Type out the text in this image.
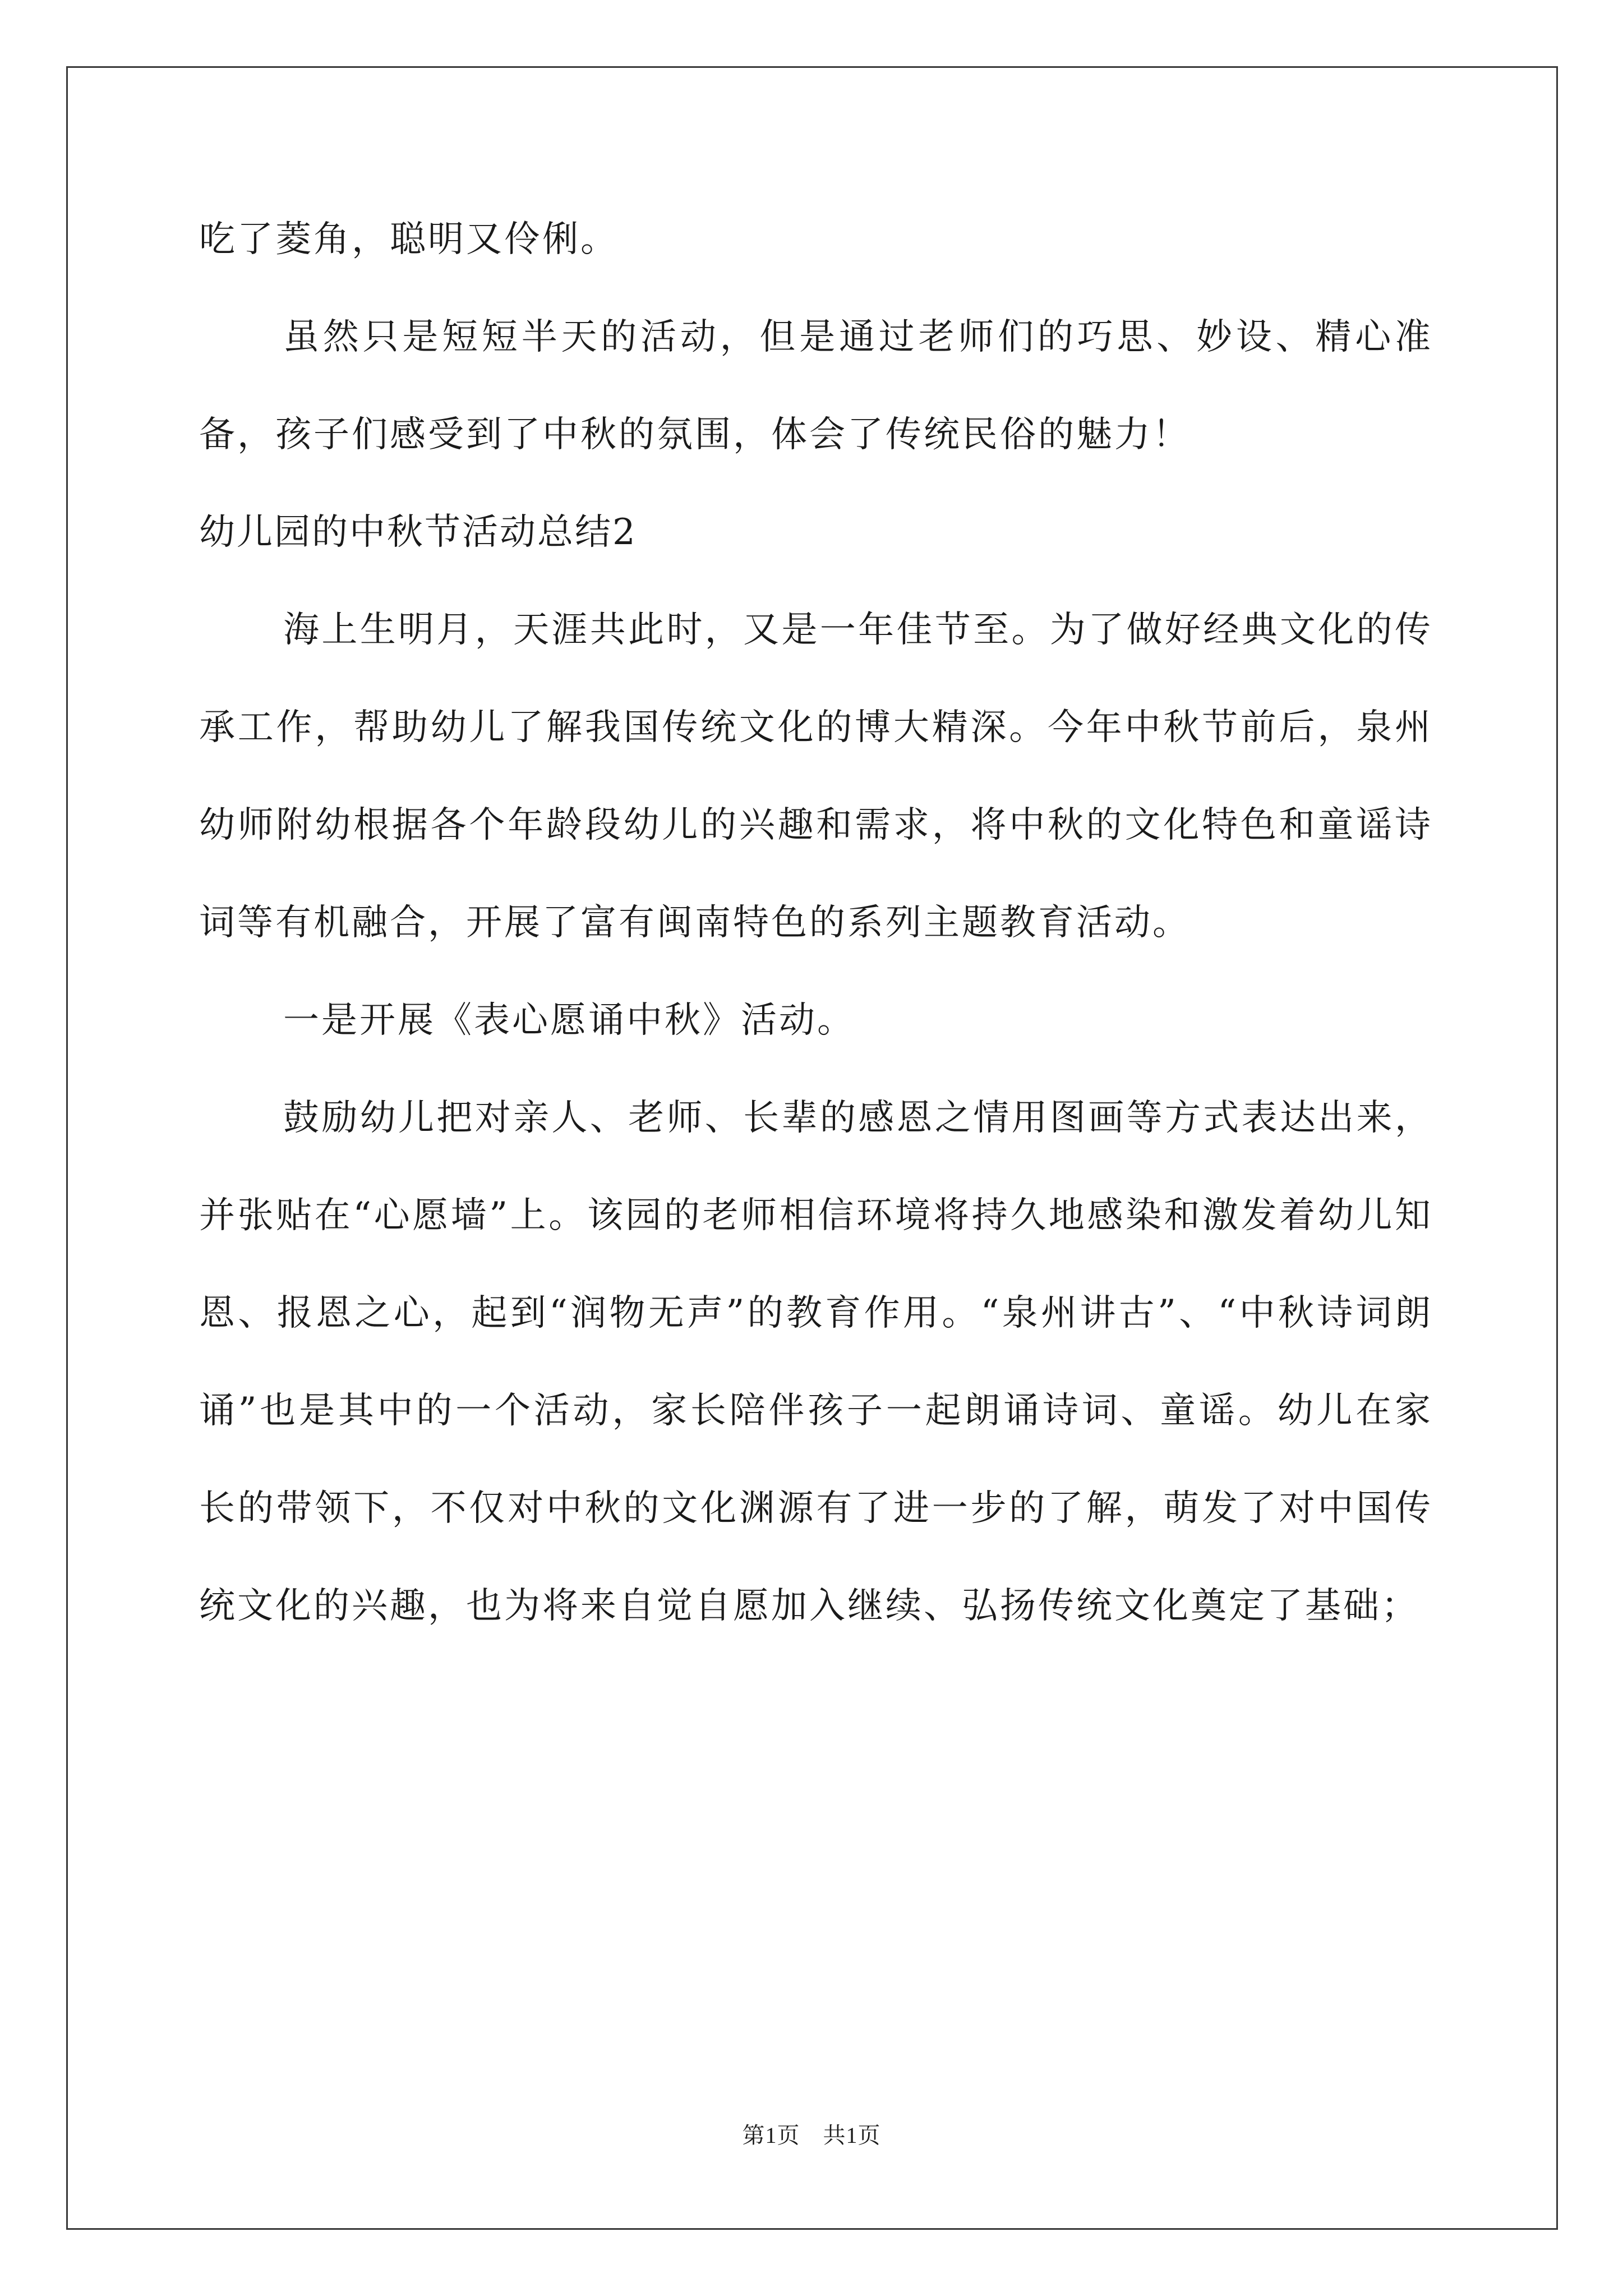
吃了菱角，聪明又伶俐。

虽然只是短短半天的活动，但是通过老师们的巧思、妙设、精心准备，孩子们感受到了中秋的氛围，体会了传统民俗的魅力！

幼儿园的中秋节活动总结2

海上生明月，天涯共此时，又是一年佳节至。为了做好经典文化的传承工作，帮助幼儿了解我国传统文化的博大精深。今年中秋节前后，泉州幼师附幼根据各个年龄段幼儿的兴趣和需求，将中秋的文化特色和童谣诗词等有机融合，开展了富有闽南特色的系列主题教育活动。

一是开展《表心愿诵中秋》活动。

鼓励幼儿把对亲人、老师、长辈的感恩之情用图画等方式表达出来，并张贴在“心愿墙”上。该园的老师相信环境将持久地感染和激发着幼儿知恩、报恩之心，起到“润物无声”的教育作用。“泉州讲古”、“中秋诗词朗诵”也是其中的一个活动，家长陪伴孩子一起朗诵诗词、童谣。幼儿在家长的带领下，不仅对中秋的文化渊源有了进一步的了解，萌发了对中国传统文化的兴趣，也为将来自觉自愿加入继续、弘扬传统文化奠定了基础；

第1页　共1页
